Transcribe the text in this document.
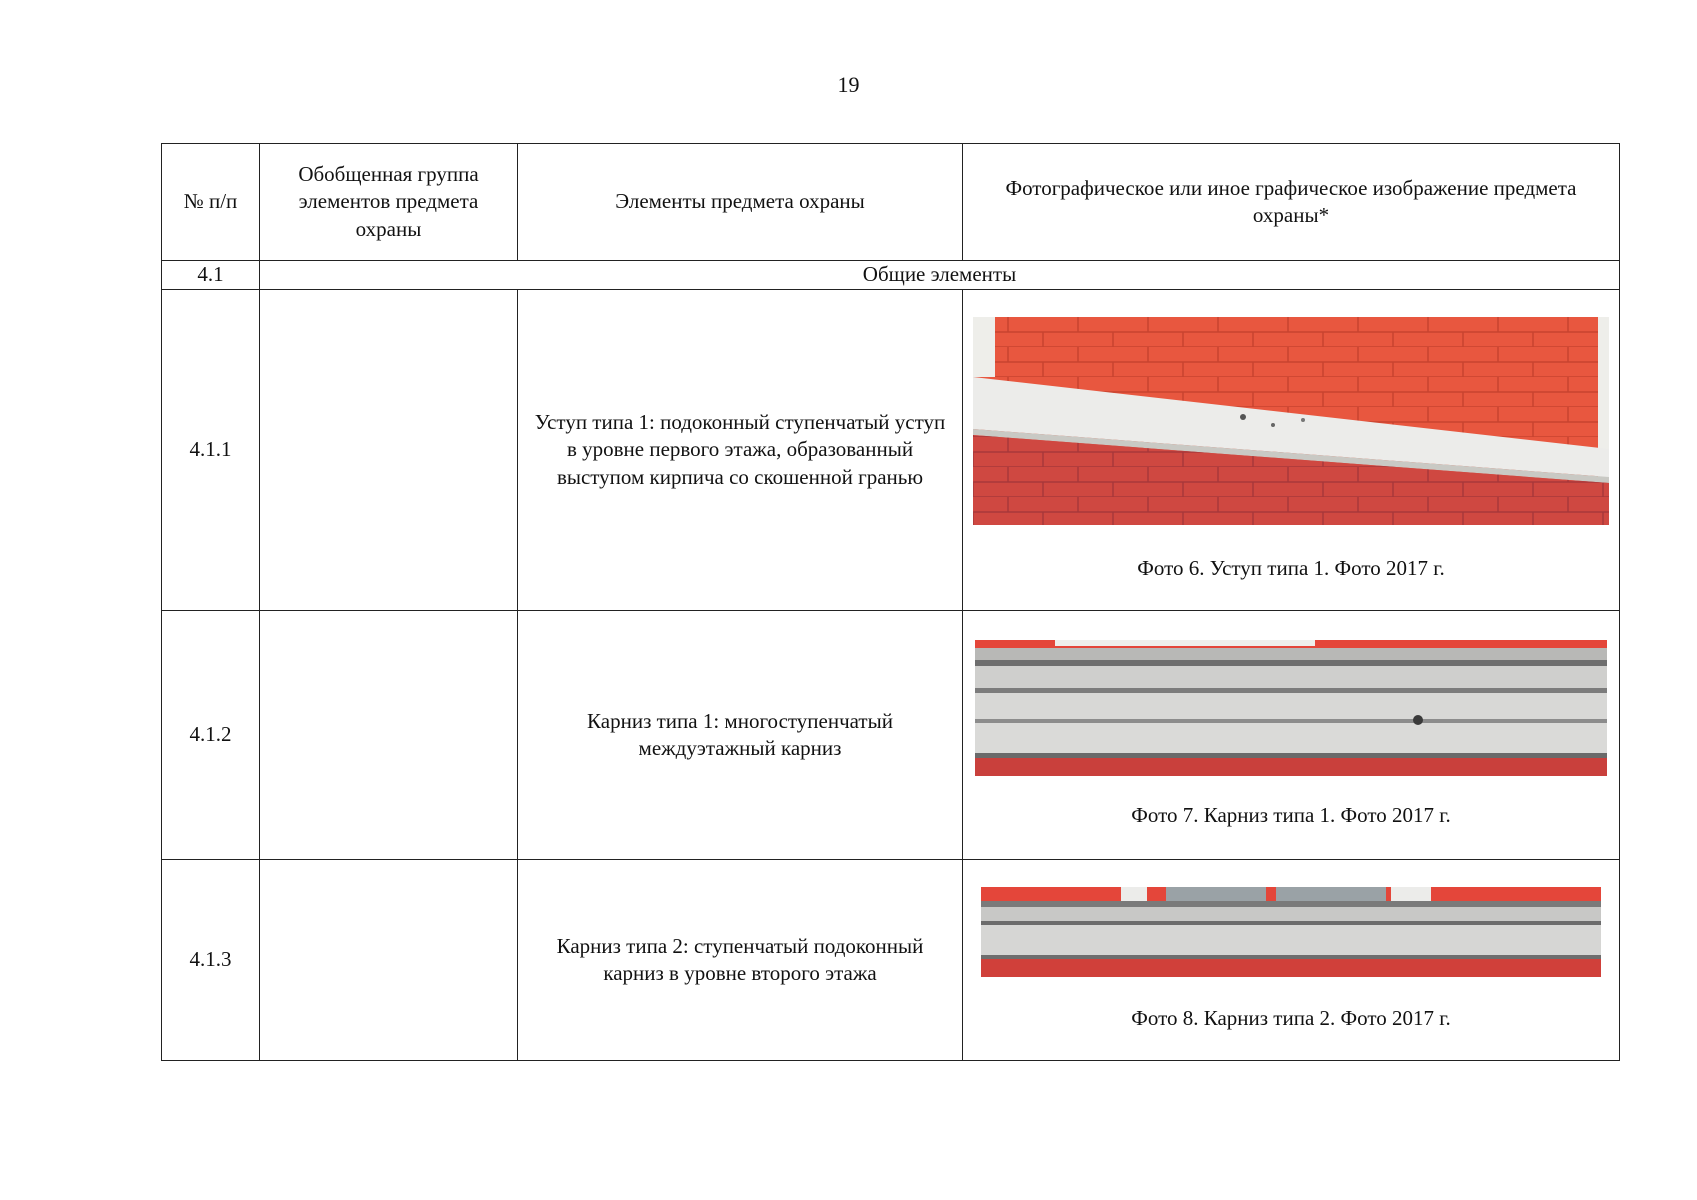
19
№ п/п	Обобщенная группа элементов предмета охраны	Элементы предмета охраны	Фотографическое или иное графическое изображение предмета охраны*
4.1	Общие элементы		
4.1.1		Уступ типа 1: подоконный ступенчатый уступ в уровне первого этажа, образованный выступом кирпича со скошенной гранью	Фото 6. Уступ типа 1. Фото 2017 г.

4.1.2		Карниз типа 1: многоступенчатый междуэтажный карниз	Фото 7. Карниз типа 1. Фото 2017 г.

4.1.3		Карниз типа 2: ступенчатый подоконный карниз в уровне второго этажа	Фото 8. Карниз типа 2. Фото 2017 г.
